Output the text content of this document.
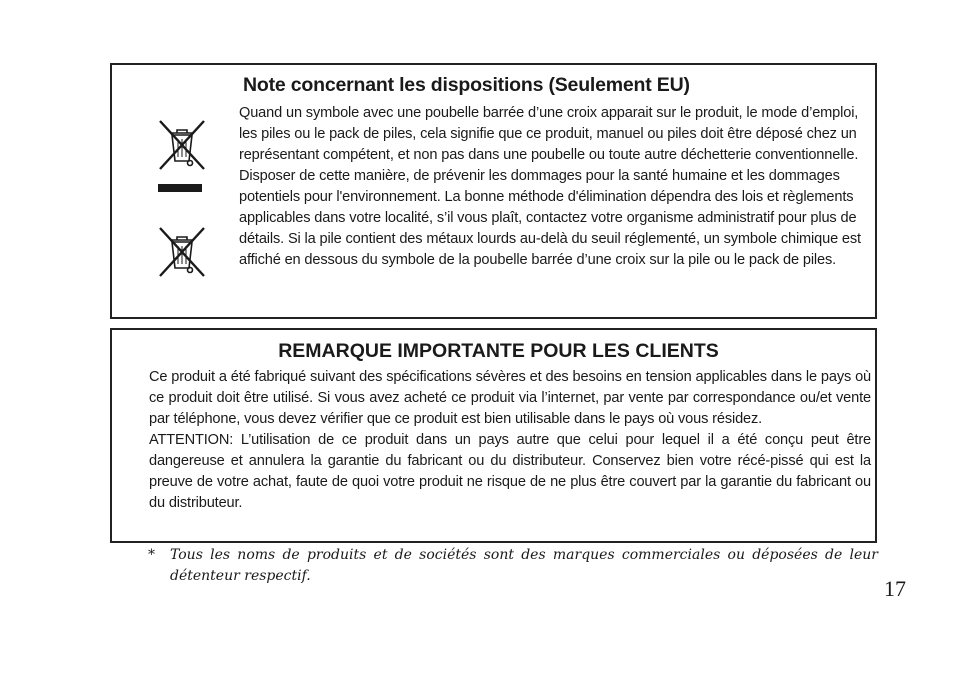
Note concernant les dispositions (Seulement EU)
Quand un symbole avec une poubelle barrée d’une croix apparait sur le produit, le mode d’emploi, les piles ou le pack de piles, cela signifie que ce produit, manuel ou piles doit être déposé chez un représentant compétent, et non pas dans une poubelle ou toute autre déchetterie conventionnelle. Disposer de cette manière, de prévenir les dommages pour la santé humaine et les dommages potentiels pour l'environnement. La bonne méthode d'élimination dépendra des lois et règlements applicables dans votre localité, s’il vous plaît, contactez votre organisme administratif pour plus de détails. Si la pile contient des métaux lourds au-delà du seuil réglementé, un symbole chimique est affiché en dessous du symbole de la poubelle barrée d’une croix sur la pile ou le pack de piles.
REMARQUE IMPORTANTE POUR LES CLIENTS
Ce produit a été fabriqué suivant des spécifications sévères et des besoins en tension applicables dans le pays où ce produit doit être utilisé. Si vous avez acheté ce produit via l’internet, par vente par correspondance ou/et vente par téléphone, vous devez vérifier que ce produit est bien utilisable dans le pays où vous résidez.
ATTENTION: L’utilisation de ce produit dans un pays autre que celui pour lequel il a été conçu peut être dangereuse et annulera la garantie du fabricant ou du distributeur. Conservez bien votre récé-pissé qui est la preuve de votre achat, faute de quoi votre produit ne risque de ne plus être couvert par la garantie du fabricant ou du distributeur.
*	Tous les noms de produits et de sociétés sont des marques commerciales ou déposées de leur détenteur respectif.	17
